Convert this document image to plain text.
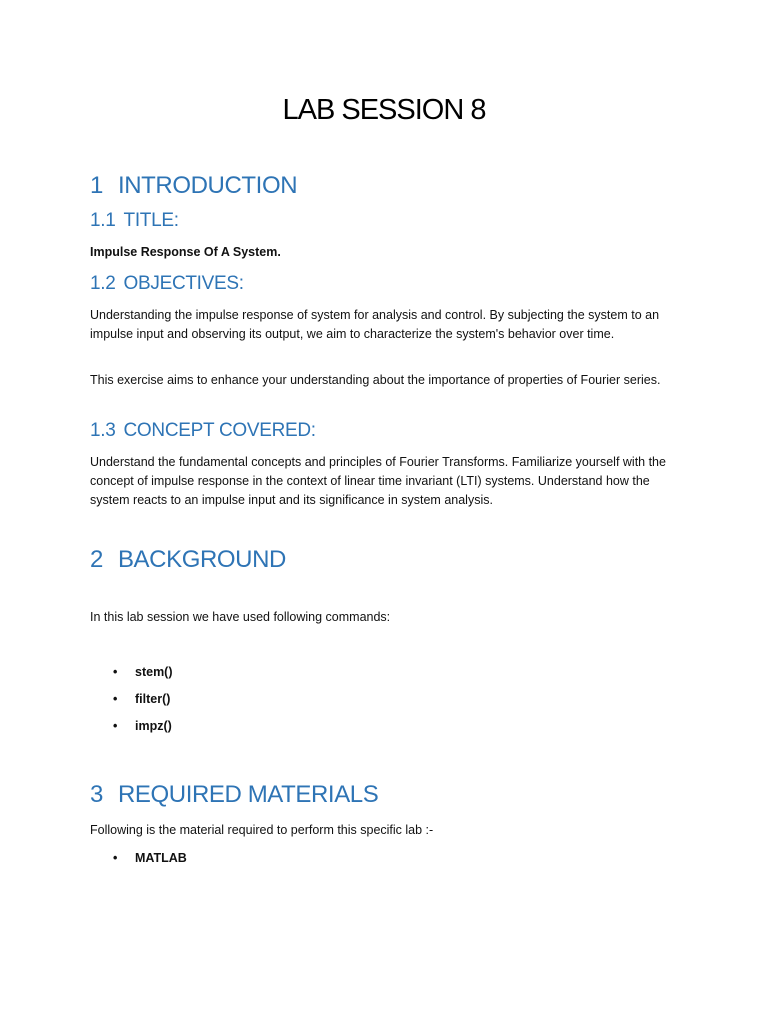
LAB SESSION 8
1 INTRODUCTION
1.1 TITLE:

Impulse Response Of A System.

1.2 OBJECTIVES:

Understanding the impulse response of system for analysis and control. By subjecting the system to an impulse input and observing its output, we aim to characterize the system's behavior over time.

This exercise aims to enhance your understanding about the importance of properties of Fourier series.

1.3 CONCEPT COVERED:

Understand the fundamental concepts and principles of Fourier Transforms. Familiarize yourself with the concept of impulse response in the context of linear time invariant (LTI) systems. Understand how the system reacts to an impulse input and its significance in system analysis.

2 BACKGROUND

In this lab session we have used following commands:

• stem()
• filter()
• impz()
3 REQUIRED MATERIALS

Following is the material required to perform this specific lab :-

• MATLAB
